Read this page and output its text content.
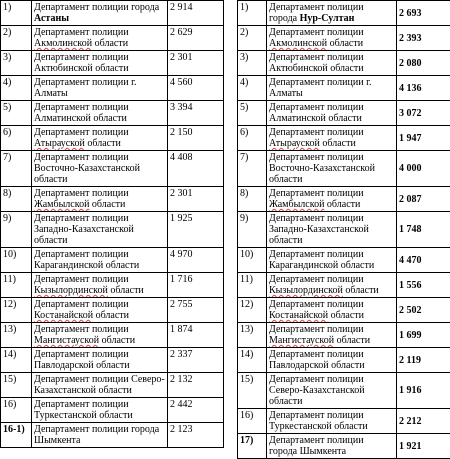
1)	Департамент полиции города Астаны	2 914
2)	Департамент полиции Акмолинской области	2 629
3)	Департамент полиции Актюбинской области	2 301
4)	Департамент полиции г. Алматы	4 560
5)	Департамент полиции Алматинской области	3 394
6)	Департамент полиции Атырауской области	2 150
7)	Департамент полиции Восточно-Казахстанской области	4 408
8)	Департамент полиции Жамбылской области	2 301
9)	Департамент полиции Западно-Казахстанской области	1 925
10)	Департамент полиции Карагандинской области	4 970
11)	Департамент полиции Кызылординской области	1 716
12)	Департамент полиции Костанайской области	2 755
13)	Департамент полиции Мангистауской области	1 874
14)	Департамент полиции Павлодарской области	2 337
15)	Департамент полиции Северо-Казахстанской области	2 132
16)	Департамент полиции Туркестанской области	2 442
16-1)	Департамент полиции города Шымкента	2 123
1)	Департамент полиции города Нур-Султан	2 693
2)	Департамент полиции Акмолинской области	2 393
3)	Департамент полиции Актюбинской области	2 080
4)	Департамент полиции г. Алматы	4 136
5)	Департамент полиции Алматинской области	3 072
6)	Департамент полиции Атырауской области	1 947
7)	Департамент полиции Восточно-Казахстанской области	4 000
8)	Департамент полиции Жамбылской области	2 087
9)	Департамент полиции Западно-Казахстанской области	1 748
10)	Департамент полиции Карагандинской области	4 470
11)	Департамент полиции Кызылординской области	1 556
12)	Департамент полиции Костанайской области	2 502
13)	Департамент полиции Мангистауской области	1 699
14)	Департамент полиции Павлодарской области	2 119
15)	Департамент полиции Северо-Казахстанской области	1 916
16)	Департамент полиции Туркестанской области	2 212
17)	Департамент полиции города Шымкента	1 921
